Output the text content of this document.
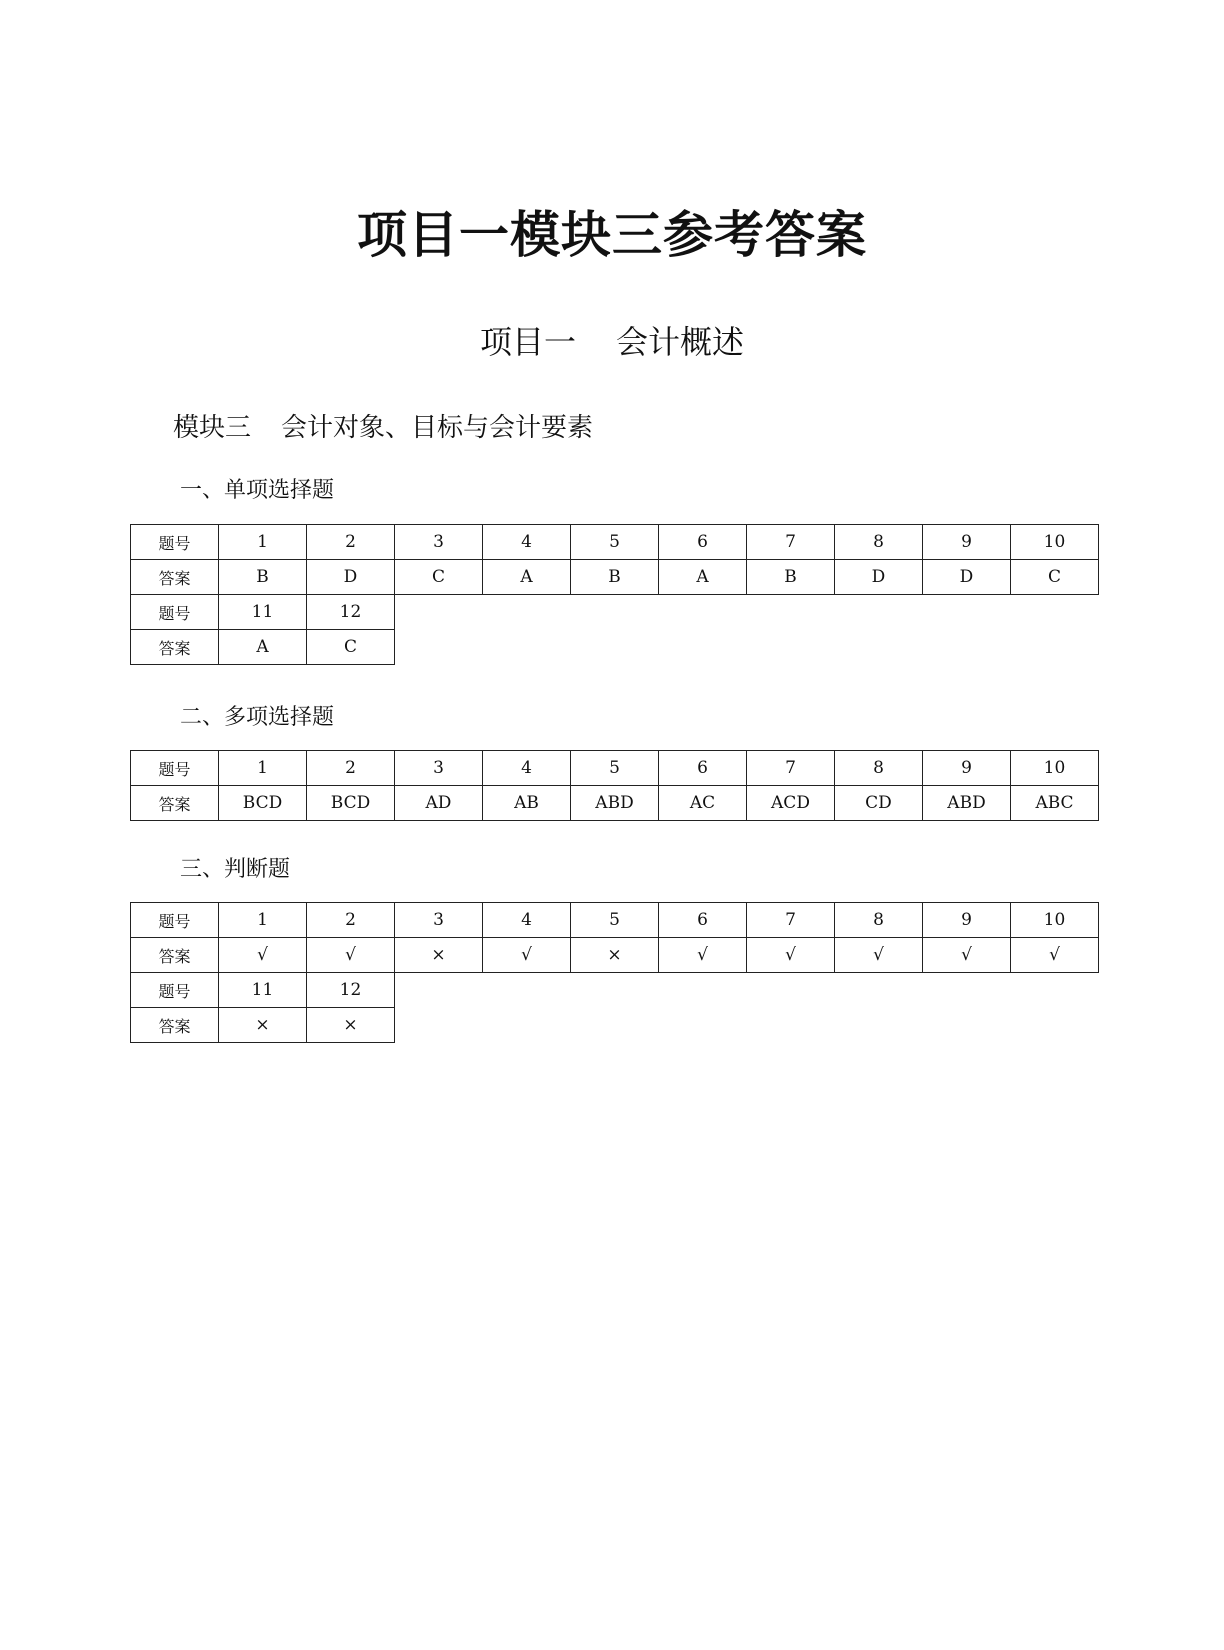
项目一模块三参考答案
项目一 会计概述
模块三 会计对象、目标与会计要素
一、单项选择题
题号	1	2	3	4	5	6	7	8	9	10
答案	B	D	C	A	B	A	B	D	D	C
题号	11	12								
答案	A	C								
二、多项选择题
题号	1	2	3	4	5	6	7	8	9	10
答案	BCD	BCD	AD	AB	ABD	AC	ACD	CD	ABD	ABC
三、判断题
题号	1	2	3	4	5	6	7	8	9	10
答案	√	√	×	√	×	√	√	√	√	√
题号	11	12								
答案	×	×								
